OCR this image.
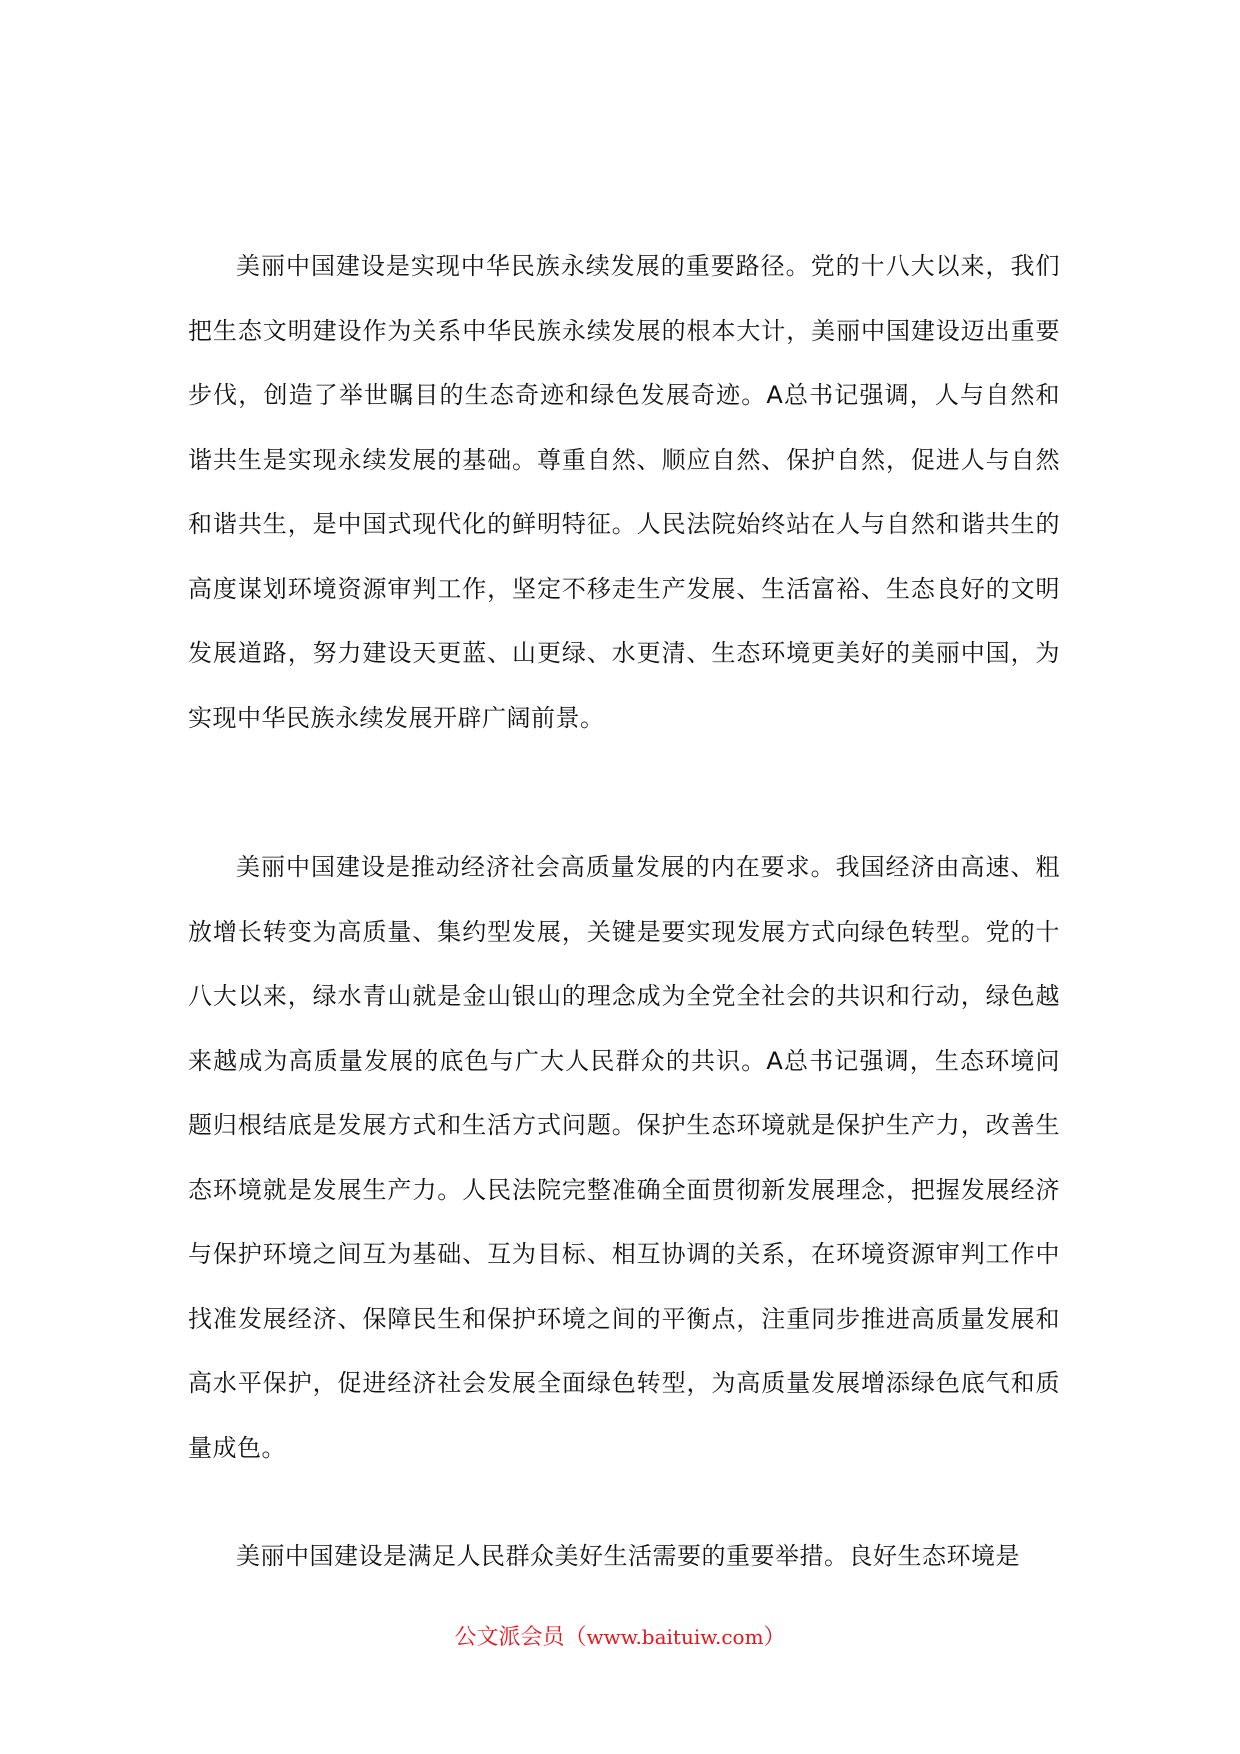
美丽中国建设是实现中华民族永续发展的重要路径。党的十八大以来，我们把生态文明建设作为关系中华民族永续发展的根本大计，美丽中国建设迈出重要步伐，创造了举世瞩目的生态奇迹和绿色发展奇迹。A总书记强调，人与自然和谐共生是实现永续发展的基础。尊重自然、顺应自然、保护自然，促进人与自然和谐共生，是中国式现代化的鲜明特征。人民法院始终站在人与自然和谐共生的高度谋划环境资源审判工作，坚定不移走生产发展、生活富裕、生态良好的文明发展道路，努力建设天更蓝、山更绿、水更清、生态环境更美好的美丽中国，为实现中华民族永续发展开辟广阔前景。

美丽中国建设是推动经济社会高质量发展的内在要求。我国经济由高速、粗放增长转变为高质量、集约型发展，关键是要实现发展方式向绿色转型。党的十八大以来，绿水青山就是金山银山的理念成为全党全社会的共识和行动，绿色越来越成为高质量发展的底色与广大人民群众的共识。A总书记强调，生态环境问题归根结底是发展方式和生活方式问题。保护生态环境就是保护生产力，改善生态环境就是发展生产力。人民法院完整准确全面贯彻新发展理念，把握发展经济与保护环境之间互为基础、互为目标、相互协调的关系，在环境资源审判工作中找准发展经济、保障民生和保护环境之间的平衡点，注重同步推进高质量发展和高水平保护，促进经济社会发展全面绿色转型，为高质量发展增添绿色底气和质量成色。

美丽中国建设是满足人民群众美好生活需要的重要举措。良好生态环境是

公文派会员（www.baituiw.com）
